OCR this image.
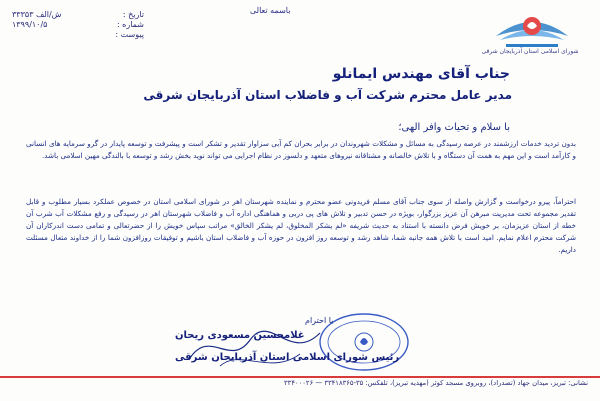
باسمه تعالی
تاریخ :
۳۳۳۵۳ ش/الف
شماره :
۱۳۹۹/۱۰/۵
پیوست :
شورای اسلامی استان آذربایجان شرقی
جناب آقای مهندس ایمانلو
مدیر عامل محترم شرکت آب و فاضلاب استان آذربایجان شرقی
با سلام و تحیات وافر الهی؛
بدون تردید خدمات ارزشمند در عرصه رسیدگی به مسائل و مشکلات شهروندان در برابر بحران کم آبی سزاوار تقدیر و تشکر است و پیشرفت و توسعه پایدار در گرو سرمایه های انسانی و کارآمد است و این مهم به همت آن دستگاه و با تلاش خالصانه و مشتاقانه نیروهای متعهد و دلسوز در نظام اجرایی می تواند نوید بخش رشد و توسعه با بالندگی مهین اسلامی باشد.
احتراماً، پیرو درخواست و گزارش واصله از سوی جناب آقای مسلم فریدونی عضو محترم و نماینده شهرستان اهر در شورای اسلامی استان در خصوص عملکرد بسیار مطلوب و قابل تقدیر مجموعه تحت مدیریت مبرهن آن عزیز بزرگوار، بویژه در حسن تدبیر و تلاش های پی دربی و هماهنگی اداره آب و فاضلاب شهرستان اهر در رسیدگی و رفع مشکلات آب شرب آن خطه از استان عزیزمان، بر خویش فرض دانسته با استناد به حدیث شریفه «لم یشکر المخلوق، لم یشکر الخالق» مراتب سپاس خویش را از حضرتعالی و تمامی دست اندرکاران آن شرکت محترم اعلام نمایم. امید است با تلاش همه جانبه شما، شاهد رشد و توسعه روز افزون در حوزه آب و فاضلاب استان باشیم و توفیقات روزافزون شما را از خداوند متعال مسئلت داریم.
با احترام
غلامحسین مسعودی ریحان
رئیس شورای اسلامی استان آذربایجان شرقی
نشانی: تبریز، میدان جهاد (تصدراد)، روبروی مسجد کوثر (مهدیه تبریز)، تلفکس: ۳۵-۳۳۴۱۸۳۶۵ — ۳۳۴۰۰۰۲۶
